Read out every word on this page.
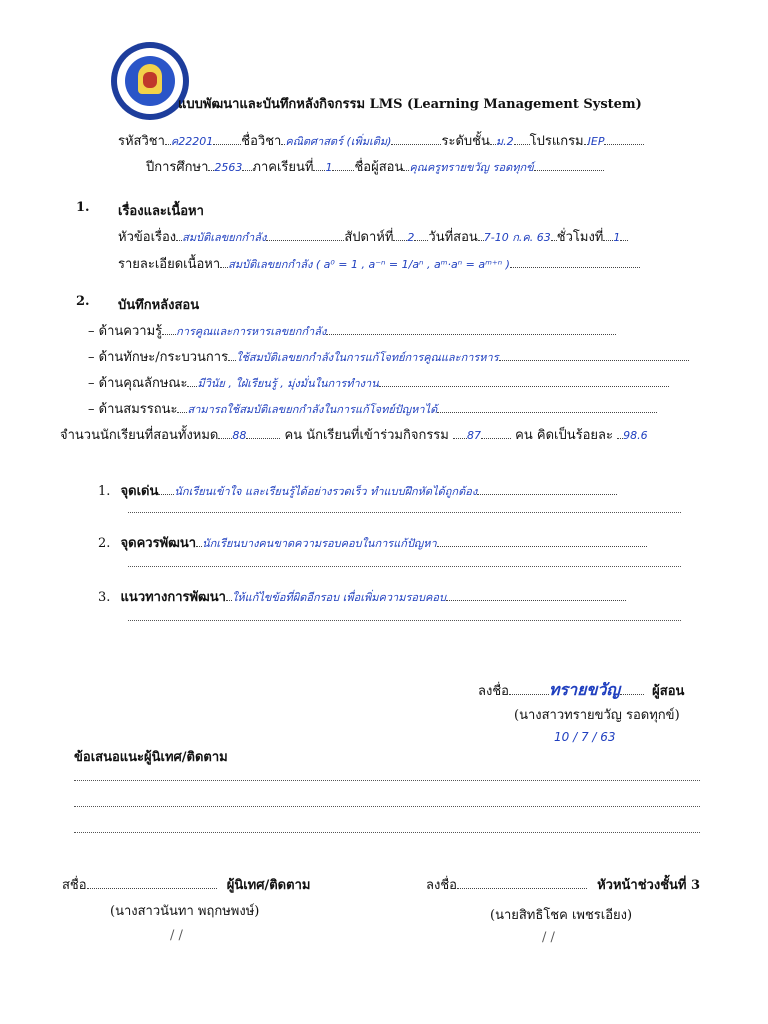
แบบพัฒนาและบันทึกหลังกิจกรรม LMS (Learning Management System)
รหัสวิชา ค22201 ชื่อวิชา คณิตศาสตร์ (เพิ่มเติม)	ระดับชั้น ม.2 โปรแกรม IEP
ปีการศึกษา 2563 ภาคเรียนที่ 1 ชื่อผู้สอน คุณครูทรายขวัญ รอดทุกข์
1. เรื่องและเนื้อหา
หัวข้อเรื่อง สมบัติเลขยกกำลัง	สัปดาห์ที่ 2 วันที่สอน 7-10 ก.ค. 63 ชั่วโมงที่ 1
รายละเอียดเนื้อหา สมบัติเลขยกกำลัง ( a⁰ = 1 , a⁻ⁿ = 1/aⁿ , aᵐ·aⁿ = aᵐ⁺ⁿ )
2. บันทึกหลังสอน
– ด้านความรู้ การคูณและการหารเลขยกกำลัง
– ด้านทักษะ/กระบวนการ ใช้สมบัติเลขยกกำลังในการแก้โจทย์การคูณและการหาร
– ด้านคุณลักษณะ มีวินัย , ใฝ่เรียนรู้ , มุ่งมั่นในการทำงาน
– ด้านสมรรถนะ สามารถใช้สมบัติเลขยกกำลังในการแก้โจทย์ปัญหาได้
จำนวนนักเรียนที่สอนทั้งหมด 88	คน นักเรียนที่เข้าร่วมกิจกรรม 87	คน คิดเป็นร้อยละ 98.6
1. จุดเด่น นักเรียนเข้าใจ และเรียนรู้ได้อย่างรวดเร็ว ทำแบบฝึกหัดได้ถูกต้อง
2. จุดควรพัฒนา นักเรียนบางคนขาดความรอบคอบในการแก้ปัญหา
3. แนวทางการพัฒนา ให้แก้ไขข้อที่ผิดอีกรอบ เพื่อเพิ่มความรอบคอบ
ลงชื่อ	ทรายขวัญ ผู้สอน
(นางสาวทรายขวัญ รอดทุกข์)
10 / 7 / 63
ข้อเสนอแนะผู้นิเทศ/ติดตาม
สชื่อ	ผู้นิเทศ/ติดตาม
(นางสาวนันทา พฤกษพงษ์)
/ /
ลงชื่อ	หัวหน้าช่วงชั้นที่ 3
(นายสิทธิโชค เพชรเอียง)
/ /
